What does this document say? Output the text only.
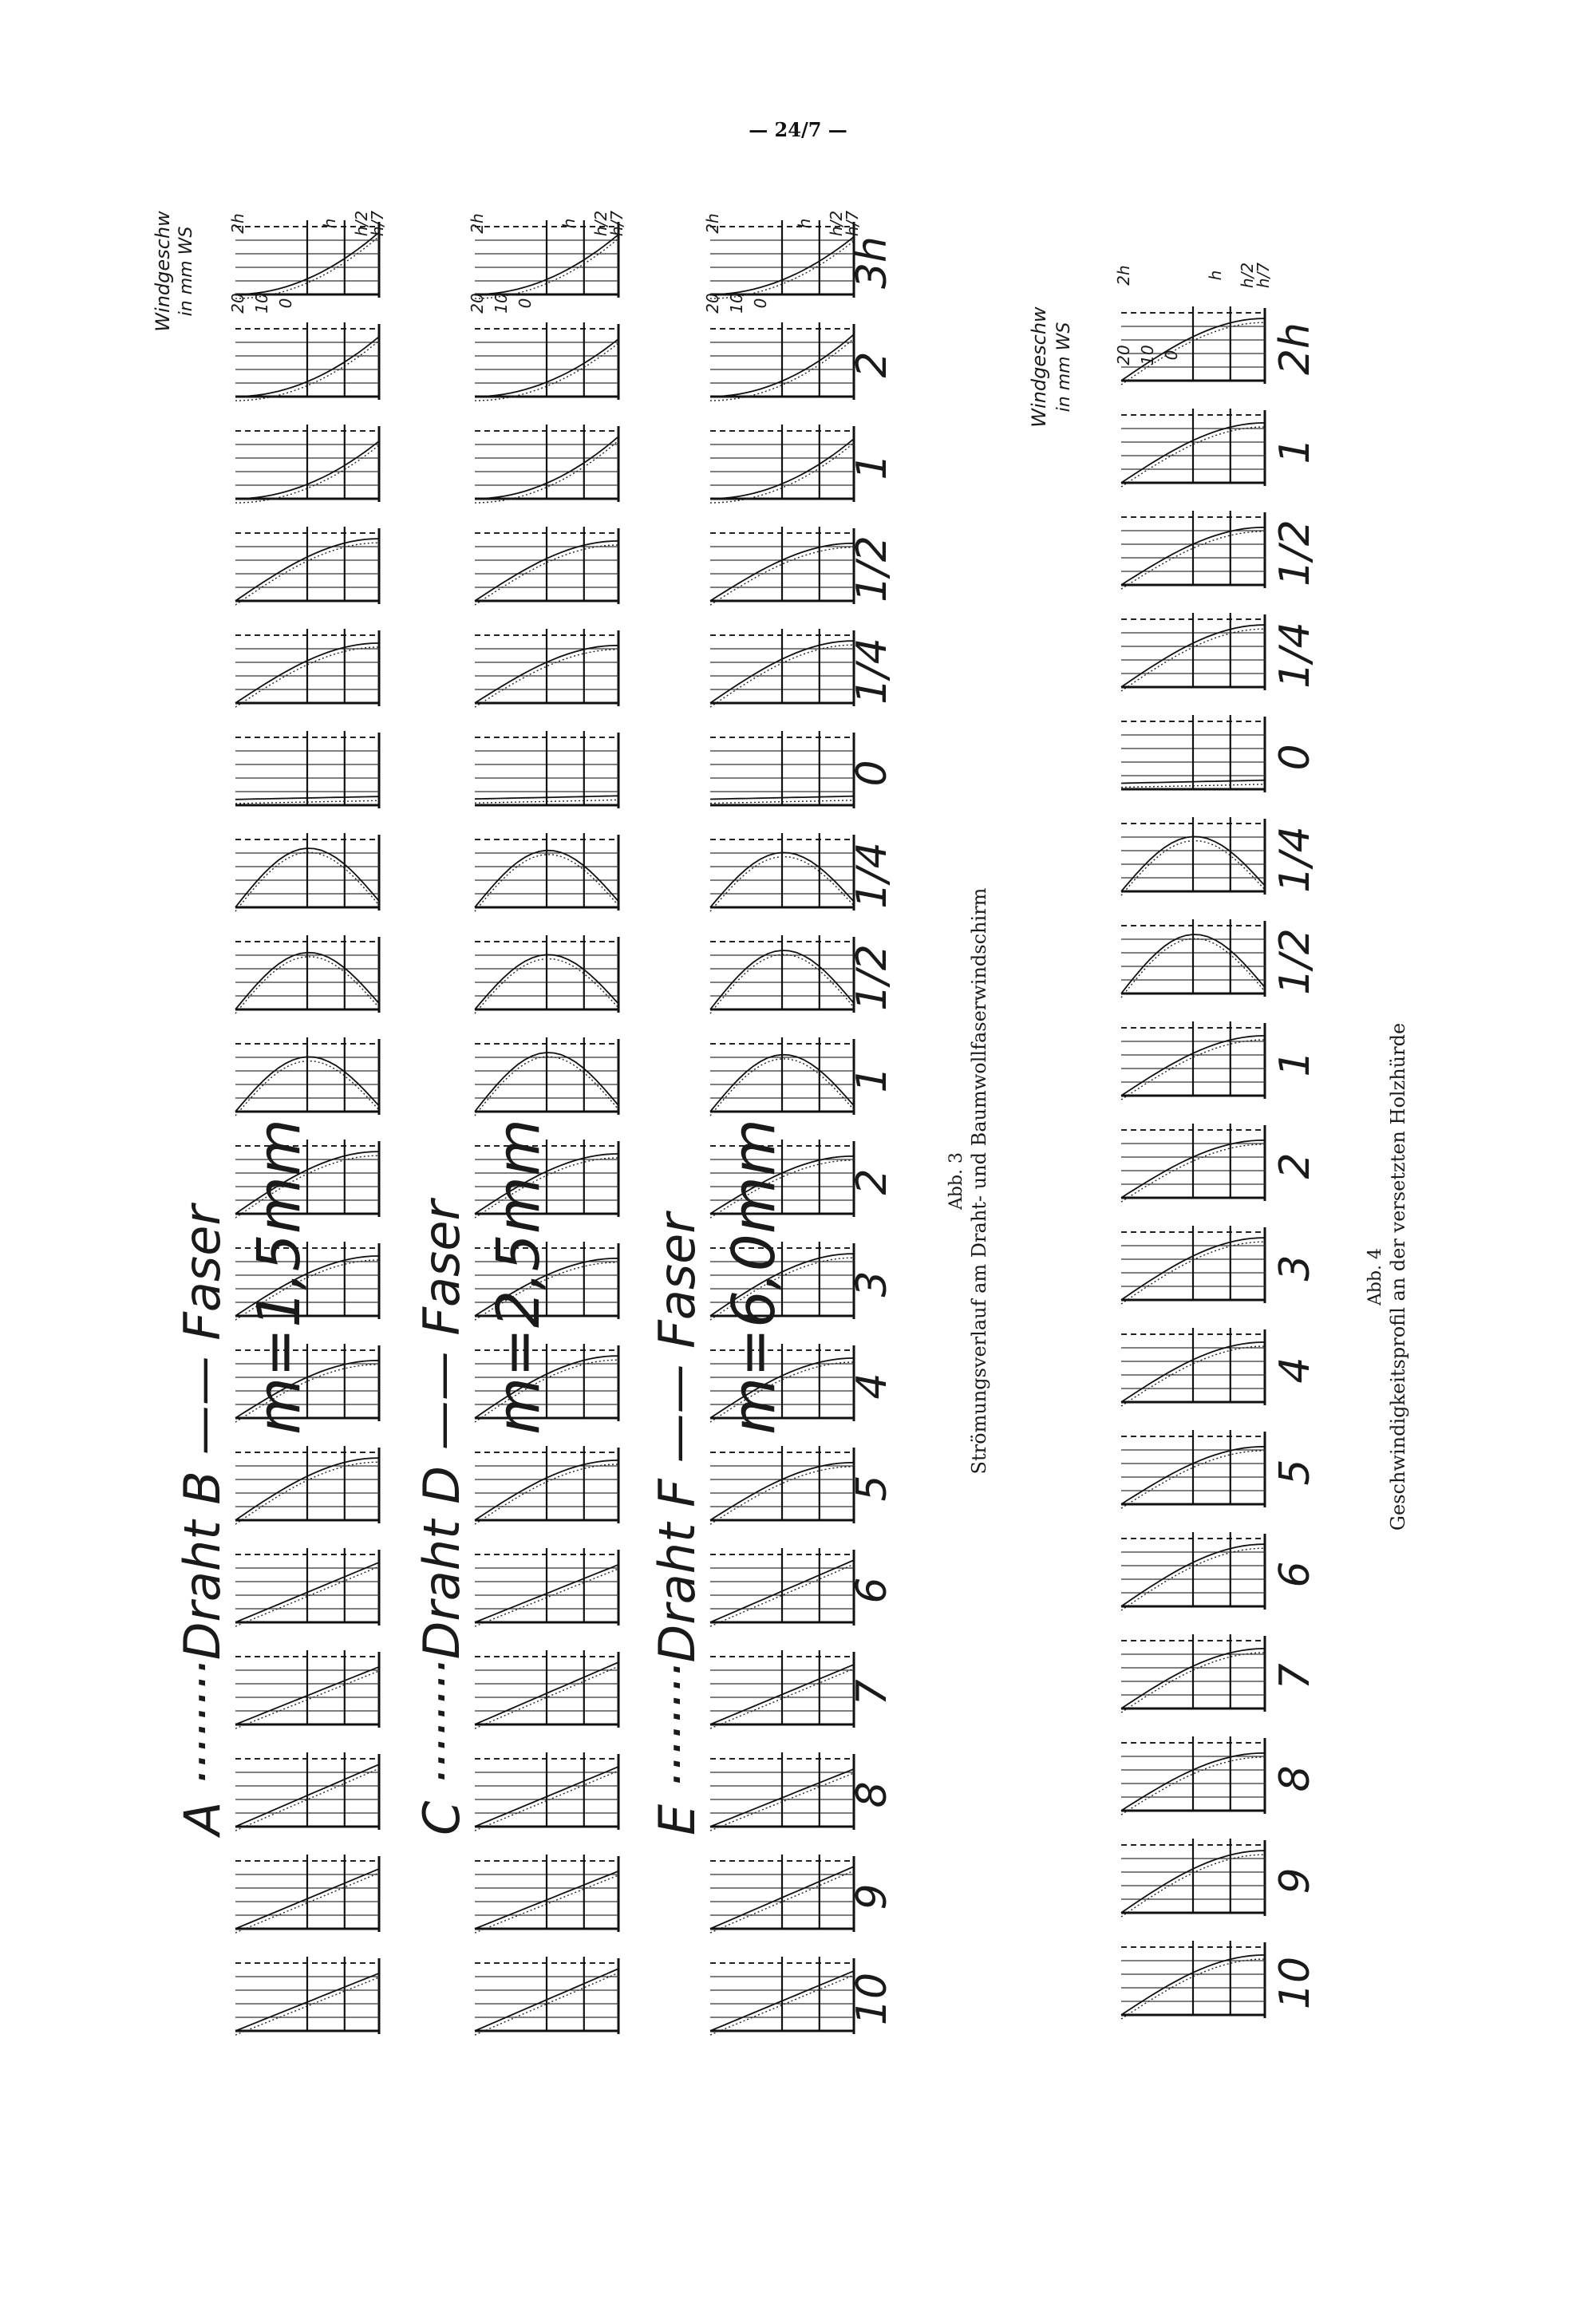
— 24/7 —
A ········Draht B —— Faser m=1,5mm C ········Draht D —— Faser m=2,5mm E ········Draht F —— Faser m=6,0mm
10
9
8
7
6
5
4
3
2
1
1/2
1/4
0
1/4
1/2
1
2
3h
Windgeschw in mm WS 20 10 0
2h	h h/2
h/7
20 10 0
2h	h h/2
h/7
20 10 0
2h	h h/2
h/7
Abb. 3 Strömungsverlauf am Draht- und Baumwollfaserwindschirm
10
9
8
7
6
5
4
3
2
1
1/2
1/4
0
1/4
1/2
1
2h
Windgeschw in mm WS	20 10 0
2h	h h/2
h/7
Abb. 4 Geschwindigkeitsprofil an der versetzten Holzhürde
